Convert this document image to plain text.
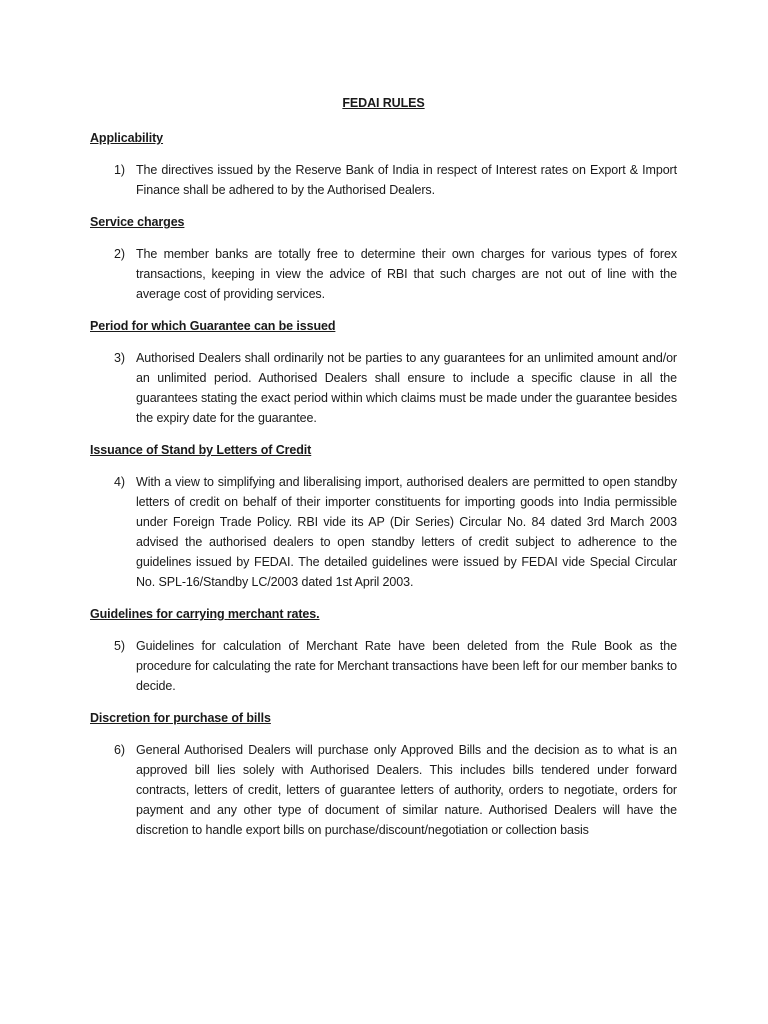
FEDAI RULES
Applicability
1) The directives issued by the Reserve Bank of India in respect of Interest rates on Export & Import Finance shall be adhered to by the Authorised Dealers.
Service charges
2) The member banks are totally free to determine their own charges for various types of forex transactions, keeping in view the advice of RBI that such charges are not out of line with the average cost of providing services.
Period for which Guarantee can be issued
3) Authorised Dealers shall ordinarily not be parties to any guarantees for an unlimited amount and/or an unlimited period. Authorised Dealers shall ensure to include a specific clause in all the guarantees stating the exact period within which claims must be made under the guarantee besides the expiry date for the guarantee.
Issuance of Stand by Letters of Credit
4) With a view to simplifying and liberalising import, authorised dealers are permitted to open standby letters of credit on behalf of their importer constituents for importing goods into India permissible under Foreign Trade Policy. RBI vide its AP (Dir Series) Circular No. 84 dated 3rd March 2003 advised the authorised dealers to open standby letters of credit subject to adherence to the guidelines issued by FEDAI. The detailed guidelines were issued by FEDAI vide Special Circular No. SPL-16/Standby LC/2003 dated 1st April 2003.
Guidelines for carrying merchant rates.
5) Guidelines for calculation of Merchant Rate have been deleted from the Rule Book as the procedure for calculating the rate for Merchant transactions have been left for our member banks to decide.
Discretion for purchase of bills
6) General Authorised Dealers will purchase only Approved Bills and the decision as to what is an approved bill lies solely with Authorised Dealers. This includes bills tendered under forward contracts, letters of credit, letters of guarantee letters of authority, orders to negotiate, orders for payment and any other type of document of similar nature. Authorised Dealers will have the discretion to handle export bills on purchase/discount/negotiation or collection basis
